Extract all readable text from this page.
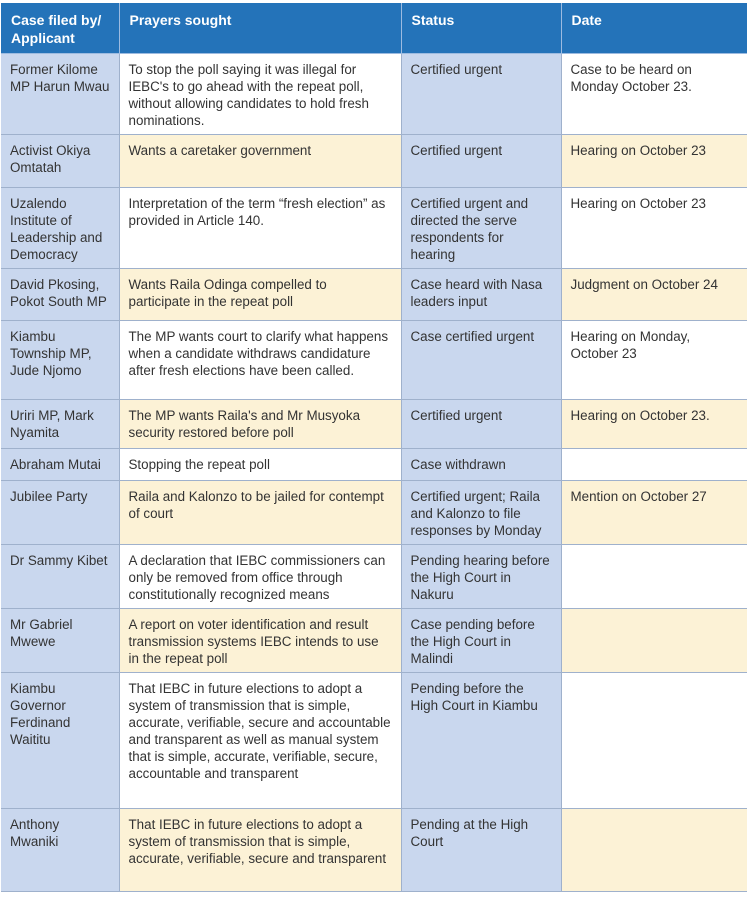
Case filed by/ Applicant	Prayers sought	Status	Date
Former Kilome MP Harun Mwau	To stop the poll saying it was illegal for IEBC's to go ahead with the repeat poll, without allowing candidates to hold fresh nominations.	Certified urgent	Case to be heard on Monday October 23.
Activist Okiya Omtatah	Wants a caretaker government	Certified urgent	Hearing on October 23
Uzalendo Institute of Leadership and Democracy	Interpretation of the term “fresh election” as provided in Article 140.	Certified urgent and directed the serve respondents for hearing	Hearing on October 23
David Pkosing, Pokot South MP	Wants Raila Odinga compelled to participate in the repeat poll	Case heard with Nasa leaders input	Judgment on October 24
Kiambu Township MP, Jude Njomo	The MP wants court to clarify what happens when a candidate withdraws candidature after fresh elections have been called.	Case certified urgent	Hearing on Monday, October 23
Uriri MP, Mark Nyamita	The MP wants Raila's and Mr Musyoka security restored before poll	Certified urgent	Hearing on October 23.
Abraham Mutai	Stopping the repeat poll	Case withdrawn	
Jubilee Party	Raila and Kalonzo to be jailed for contempt of court	Certified urgent; Raila and Kalonzo to file responses by Monday	Mention on October 27
Dr Sammy Kibet	A declaration that IEBC commissioners can only be removed from office through constitutionally recognized means	Pending hearing before the High Court in Nakuru	
Mr Gabriel Mwewe	A report on voter identification and result transmission systems IEBC intends to use in the repeat poll	Case pending before the High Court in Malindi	
Kiambu Governor Ferdinand Waititu	That IEBC in future elections to adopt a system of transmission that is simple, accurate, verifiable, secure and accountable and transparent as well as manual system that is simple, accurate, verifiable, secure, accountable and transparent	Pending before the High Court in Kiambu	
Anthony Mwaniki	That IEBC in future elections to adopt a system of transmission that is simple, accurate, verifiable, secure and transparent	Pending at the High Court	
